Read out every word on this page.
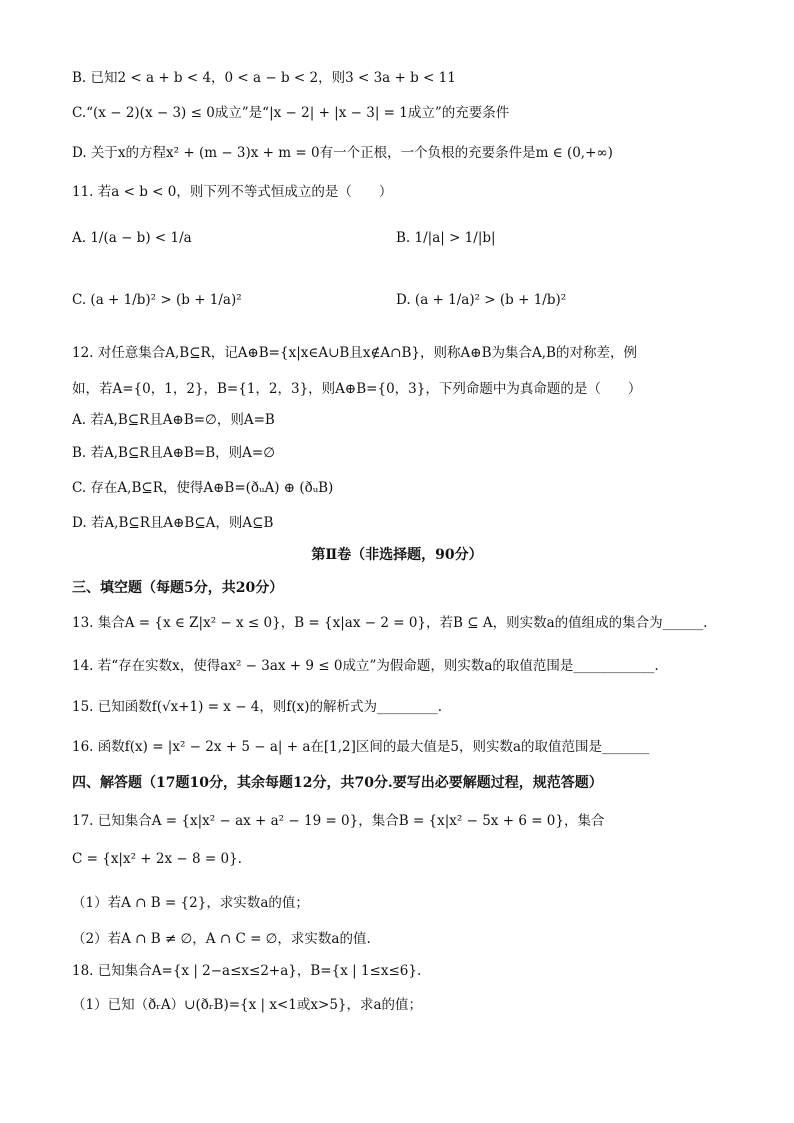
B. 已知2 < a + b < 4，0 < a − b < 2，则3 < 3a + b < 11
C.“(x − 2)(x − 3) ≤ 0成立”是“|x − 2| + |x − 3| = 1成立”的充要条件
D. 关于x的方程x² + (m − 3)x + m = 0有一个正根，一个负根的充要条件是m ∈ (0,+∞)
11. 若a < b < 0，则下列不等式恒成立的是（　　）
A. 1/(a − b) < 1/a	B. 1/|a| > 1/|b|
C. (a + 1/b)² > (b + 1/a)²	D. (a + 1/a)² > (b + 1/b)²
12. 对任意集合A,B⊆R，记A⊕B={x|x∈A∪B且x∉A∩B}，则称A⊕B为集合A,B的对称差，例
如，若A={0，1，2}，B={1，2，3}，则A⊕B={0，3}，下列命题中为真命题的是（　　）
A. 若A,B⊆R且A⊕B=∅，则A=B
B. 若A,B⊆R且A⊕B=B，则A=∅
C. 存在A,B⊆R，使得A⊕B=(ðᵤA) ⊕ (ðᵤB)
D. 若A,B⊆R且A⊕B⊆A，则A⊆B
第Ⅱ卷（非选择题，90分）
三、填空题（每题5分，共20分）
13. 集合A = {x ∈ Z|x² − x ≤ 0}，B = {x|ax − 2 = 0}，若B ⊆ A，则实数a的值组成的集合为______.
14. 若“存在实数x，使得ax² − 3ax + 9 ≤ 0成立”为假命题，则实数a的取值范围是____________.
15. 已知函数f(√x+1) = x − 4，则f(x)的解析式为_________.
16. 函数f(x) = |x² − 2x + 5 − a| + a在[1,2]区间的最大值是5，则实数a的取值范围是_______
四、解答题（17题10分，其余每题12分，共70分.要写出必要解题过程，规范答题）
17. 已知集合A = {x|x² − ax + a² − 19 = 0}，集合B = {x|x² − 5x + 6 = 0}，集合
C = {x|x² + 2x − 8 = 0}.
（1）若A ∩ B = {2}，求实数a的值；
（2）若A ∩ B ≠ ∅，A ∩ C = ∅，求实数a的值.
18. 已知集合A={x | 2−a≤x≤2+a}，B={x | 1≤x≤6}.
（1）已知（ðᵣA）∪(ðᵣB)={x | x<1或x>5}，求a的值；
